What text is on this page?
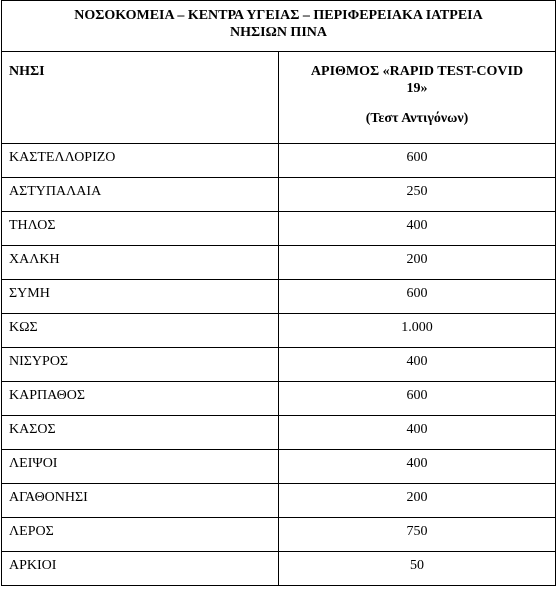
ΝΟΣΟΚΟΜΕΙΑ – ΚΕΝΤΡΑ ΥΓΕΙΑΣ – ΠΕΡΙΦΕΡΕΙΑΚΑ ΙΑΤΡΕΙΑ
ΝΗΣΙΩΝ ΠΙΝΑ	
ΝΗΣΙ	ΑΡΙΘΜΟΣ «RAPID TEST-COVID
19»
(Τεστ Αντιγόνων)

ΚΑΣΤΕΛΛΟΡΙΖΟ	600
ΑΣΤΥΠΑΛΑΙΑ	250
ΤΗΛΟΣ	400
ΧΑΛΚΗ	200
ΣΥΜΗ	600
ΚΩΣ	1.000
ΝΙΣΥΡΟΣ	400
ΚΑΡΠΑΘΟΣ	600
ΚΑΣΟΣ	400
ΛΕΙΨΟΙ	400
ΑΓΑΘΟΝΗΣΙ	200
ΛΕΡΟΣ	750
ΑΡΚΙΟΙ	50
